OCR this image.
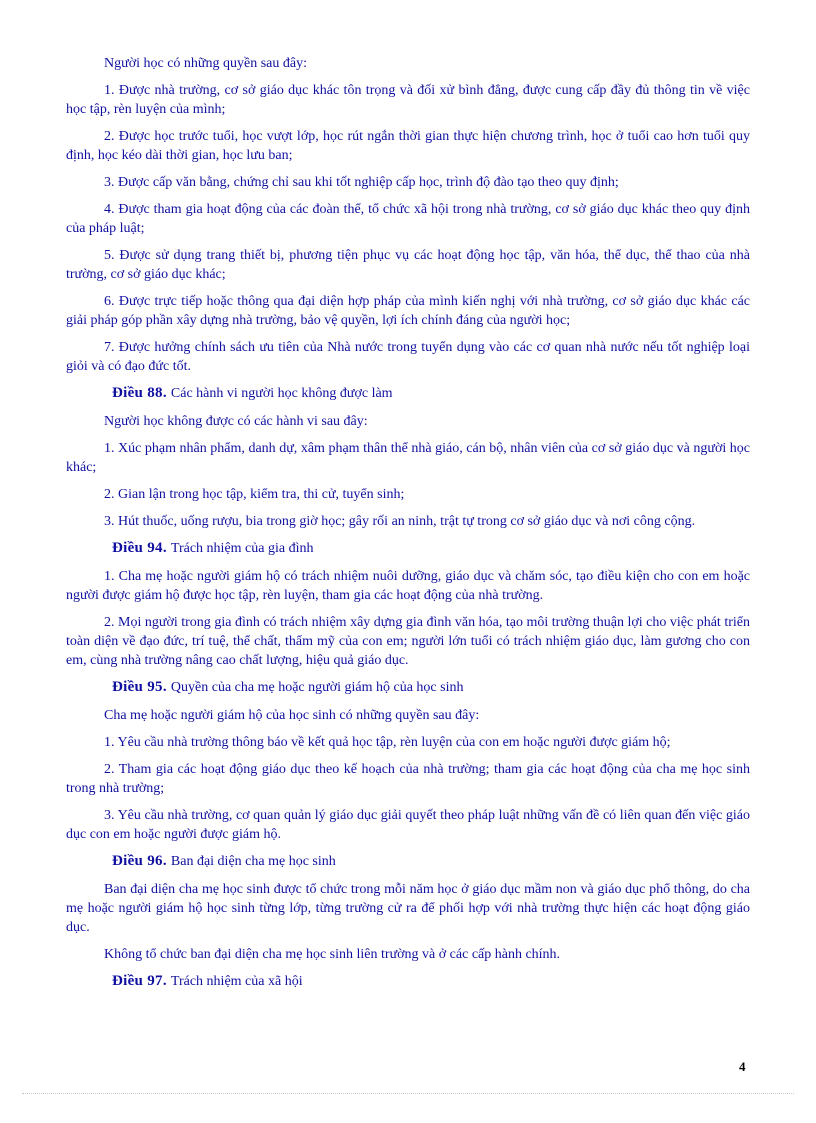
Người học có những quyền sau đây:

1. Được nhà trường, cơ sở giáo dục khác tôn trọng và đối xử bình đẳng, được cung cấp đầy đủ thông tin về việc học tập, rèn luyện của mình;

2. Được học trước tuổi, học vượt lớp, học rút ngắn thời gian thực hiện chương trình, học ở tuổi cao hơn tuổi quy định, học kéo dài thời gian, học lưu ban;

3. Được cấp văn bằng, chứng chỉ sau khi tốt nghiệp cấp học, trình độ đào tạo theo quy định;

4. Được tham gia hoạt động của các đoàn thể, tổ chức xã hội trong nhà trường, cơ sở giáo dục khác theo quy định của pháp luật;

5. Được sử dụng trang thiết bị, phương tiện phục vụ các hoạt động học tập, văn hóa, thể dục, thể thao của nhà trường, cơ sở giáo dục khác;

6. Được trực tiếp hoặc thông qua đại diện hợp pháp của mình kiến nghị với nhà trường, cơ sở giáo dục khác các giải pháp góp phần xây dựng nhà trường, bảo vệ quyền, lợi ích chính đáng của người học;

7. Được hưởng chính sách ưu tiên của Nhà nước trong tuyển dụng vào các cơ quan nhà nước nếu tốt nghiệp loại giỏi và có đạo đức tốt.

Điều 88. Các hành vi người học không được làm

Người học không được có các hành vi sau đây:

1. Xúc phạm nhân phẩm, danh dự, xâm phạm thân thể nhà giáo, cán bộ, nhân viên của cơ sở giáo dục và người học khác;

2. Gian lận trong học tập, kiểm tra, thi cử, tuyển sinh;

3. Hút thuốc, uống rượu, bia trong giờ học; gây rối an ninh, trật tự trong cơ sở giáo dục và nơi công cộng.

Điều 94. Trách nhiệm của gia đình

1. Cha mẹ hoặc người giám hộ có trách nhiệm nuôi dưỡng, giáo dục và chăm sóc, tạo điều kiện cho con em hoặc người được giám hộ được học tập, rèn luyện, tham gia các hoạt động của nhà trường.

2. Mọi người trong gia đình có trách nhiệm xây dựng gia đình văn hóa, tạo môi trường thuận lợi cho việc phát triển toàn diện về đạo đức, trí tuệ, thể chất, thẩm mỹ của con em; người lớn tuổi có trách nhiệm giáo dục, làm gương cho con em, cùng nhà trường nâng cao chất lượng, hiệu quả giáo dục.

Điều 95. Quyền của cha mẹ hoặc người giám hộ của học sinh

Cha mẹ hoặc người giám hộ của học sinh có những quyền sau đây:

1. Yêu cầu nhà trường thông báo về kết quả học tập, rèn luyện của con em hoặc người được giám hộ;

2. Tham gia các hoạt động giáo dục theo kế hoạch của nhà trường; tham gia các hoạt động của cha mẹ học sinh trong nhà trường;

3. Yêu cầu nhà trường, cơ quan quản lý giáo dục giải quyết theo pháp luật những vấn đề có liên quan đến việc giáo dục con em hoặc người được giám hộ.

Điều 96. Ban đại diện cha mẹ học sinh

Ban đại diện cha mẹ học sinh được tổ chức trong mỗi năm học ở giáo dục mầm non và giáo dục phổ thông, do cha mẹ hoặc người giám hộ học sinh từng lớp, từng trường cử ra để phối hợp với nhà trường thực hiện các hoạt động giáo dục.

Không tổ chức ban đại diện cha mẹ học sinh liên trường và ở các cấp hành chính.

Điều 97. Trách nhiệm của xã hội
4
